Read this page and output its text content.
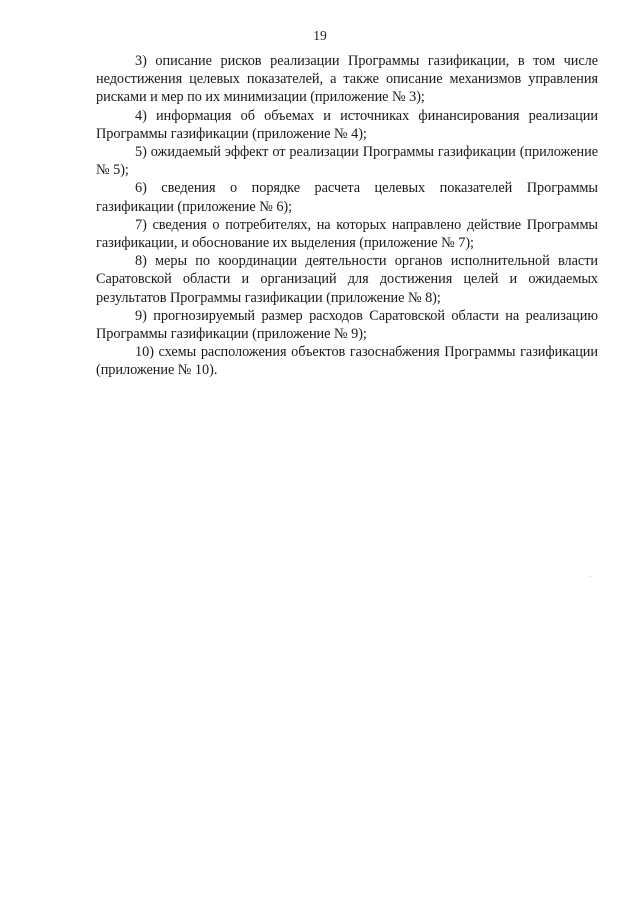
19

3) описание рисков реализации Программы газификации, в том числе недостижения целевых показателей, а также описание механизмов управления рисками и мер по их минимизации (приложение № 3);

4) информация об объемах и источниках финансирования реализации Программы газификации (приложение № 4);

5) ожидаемый эффект от реализации Программы газификации (приложение № 5);

6) сведения о порядке расчета целевых показателей Программы газификации (приложение № 6);

7) сведения о потребителях, на которых направлено действие Программы газификации, и обоснование их выделения (приложение № 7);

8) меры по координации деятельности органов исполнительной власти Саратовской области и организаций для достижения целей и ожидаемых результатов Программы газификации (приложение № 8);

9) прогнозируемый размер расходов Саратовской области на реализацию Программы газификации (приложение № 9);

10) схемы расположения объектов газоснабжения Программы газификации (приложение № 10).
